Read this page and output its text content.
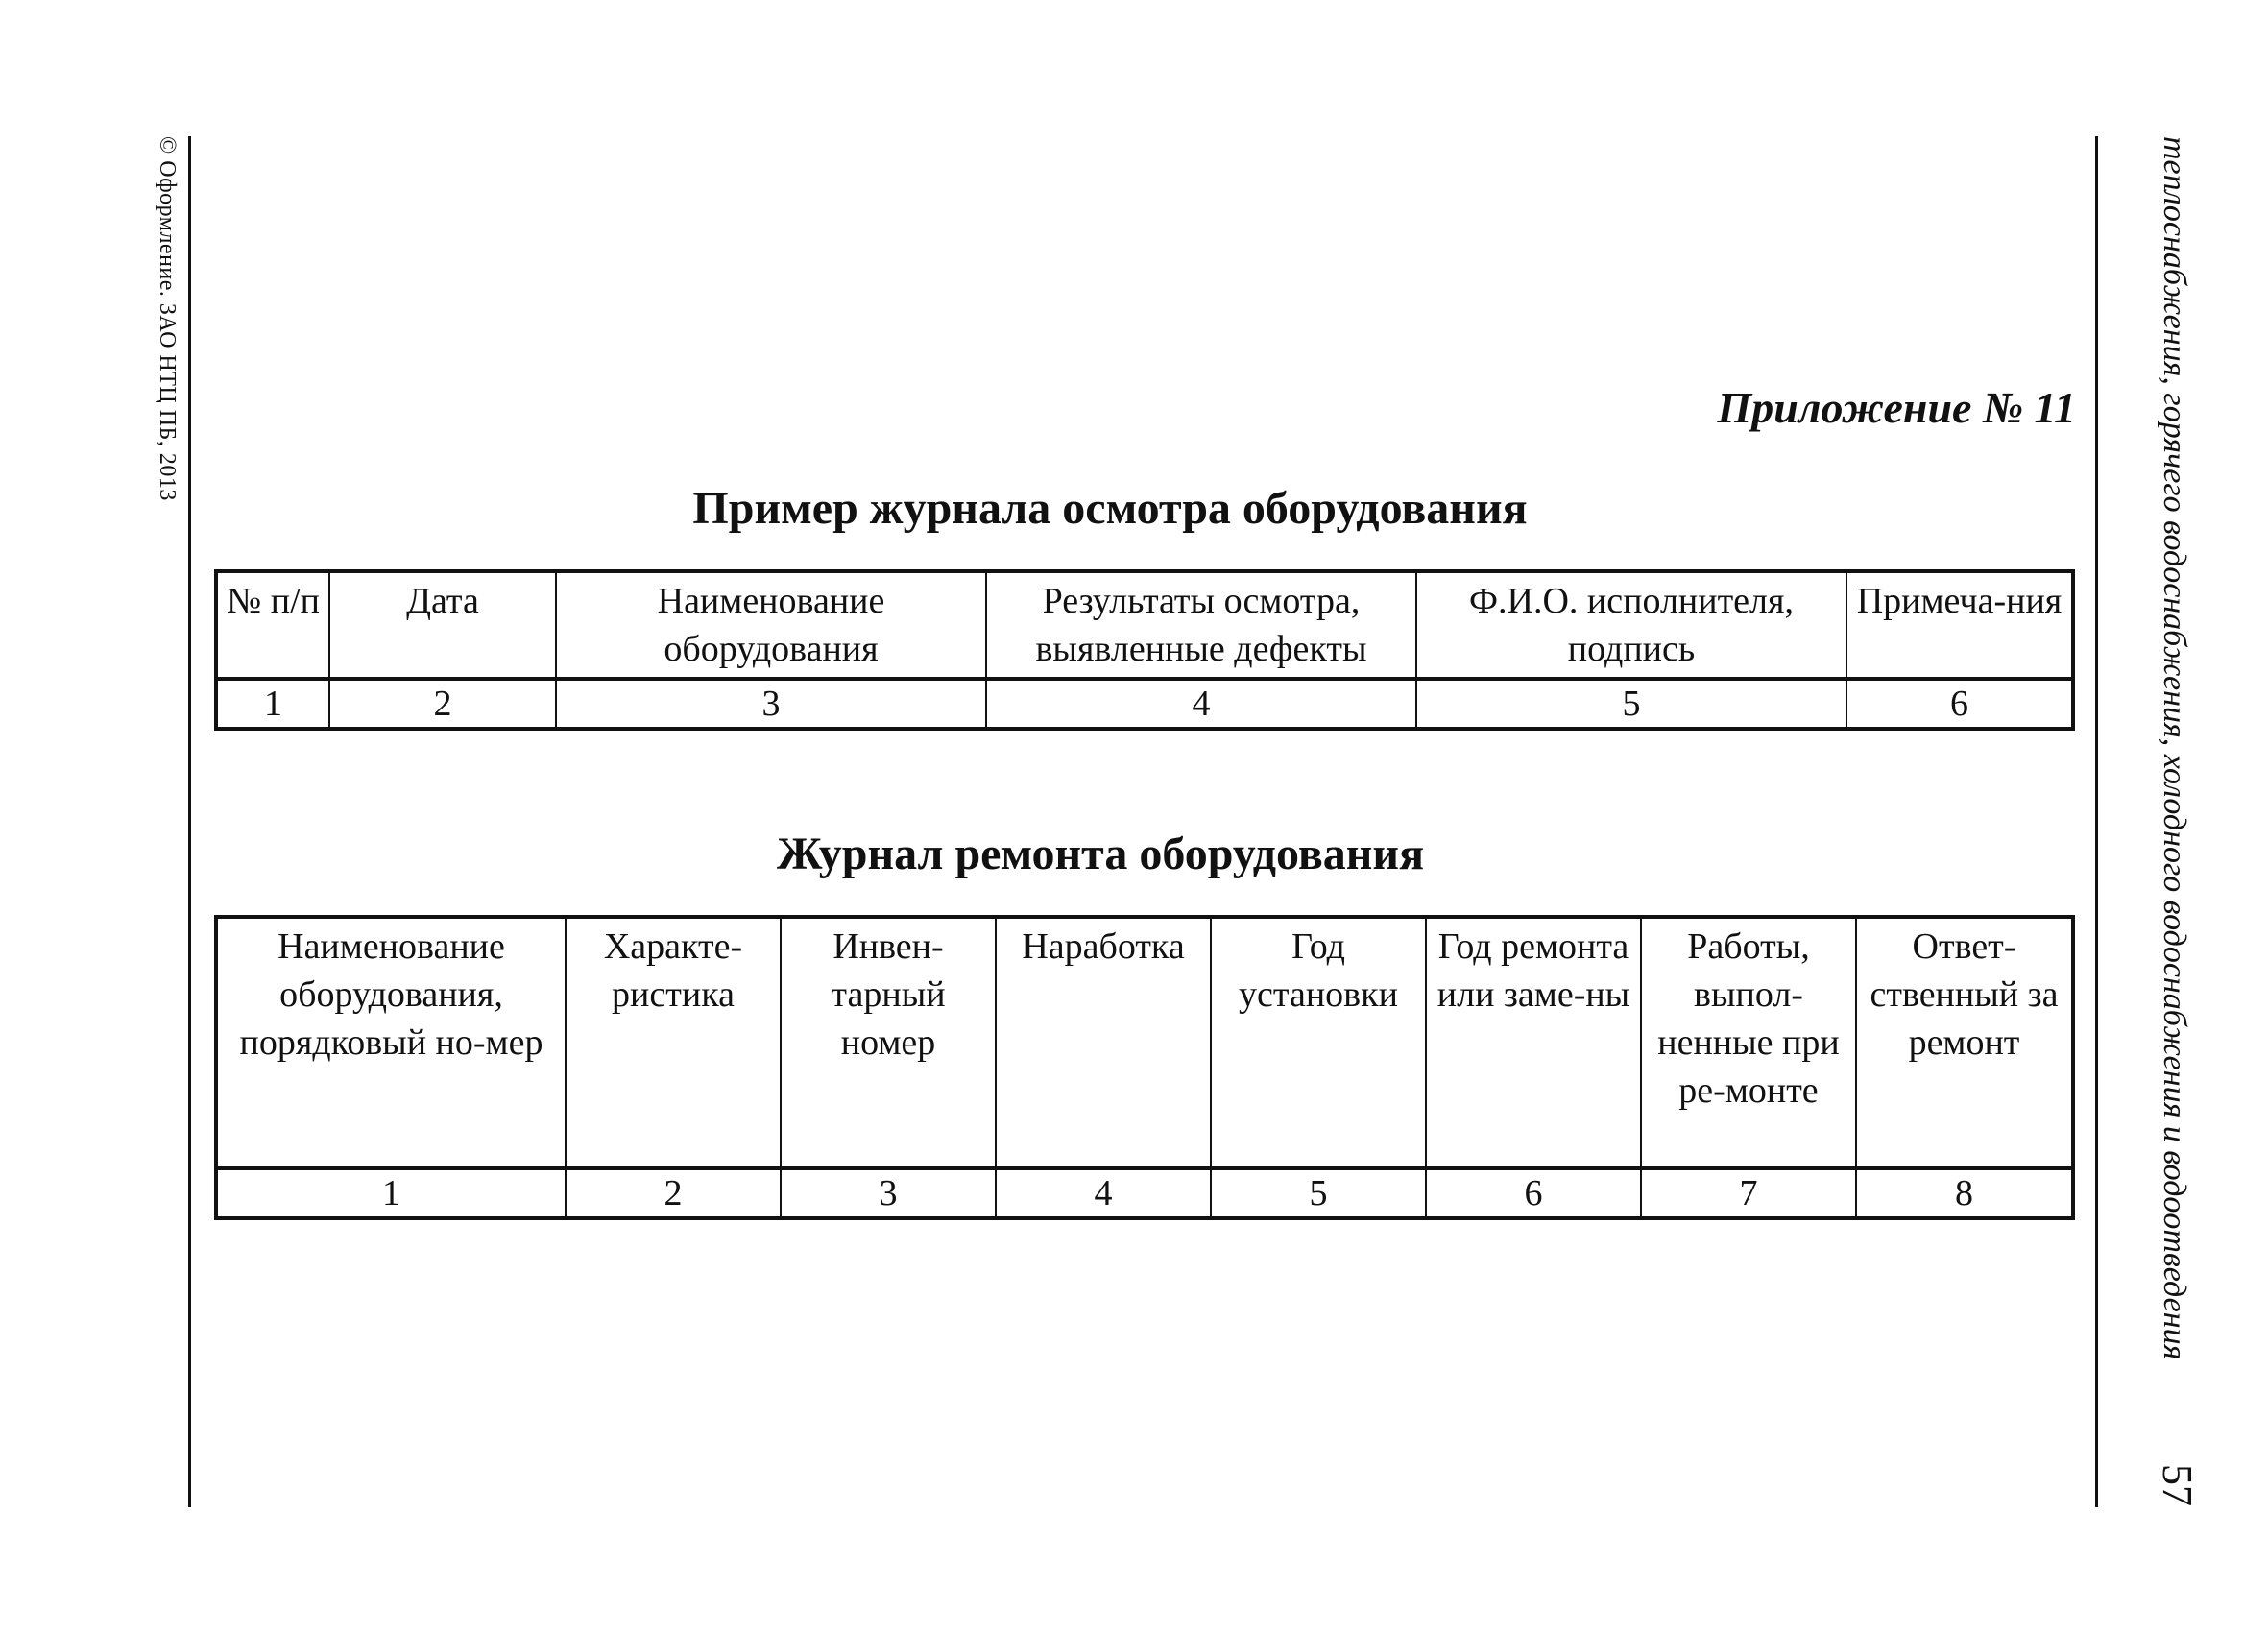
© Оформление. ЗАО НТЦ ПБ, 2013	теплоснабжения, горячего водоснабжения, холодного водоснабжения и водоотведения
57
Приложение № 11
Пример журнала осмотра оборудования
№ п/п	Дата	Наименование оборудования	Результаты осмотра, выявленные дефекты	Ф.И.О. исполнителя, подпись	Примеча-ния
1	2	3	4	5	6
Журнал ремонта оборудования
Наименование оборудования, порядковый но-мер	Характе-ристика	Инвен-тарный номер	Наработка	Год установки	Год ремонта или заме-ны	Работы, выпол-ненные при ре-монте	Ответ-ственный за ремонт
1	2	3	4	5	6	7	8
